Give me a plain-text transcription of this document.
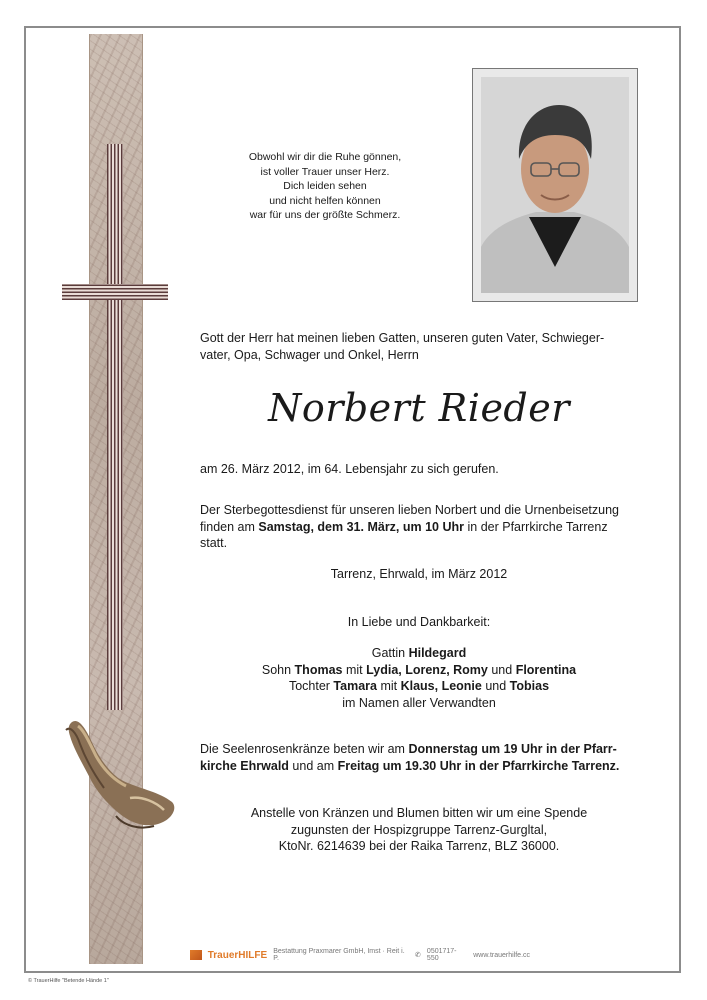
Obwohl wir dir die Ruhe gönnen,
ist voller Trauer unser Herz.
Dich leiden sehen
und nicht helfen können
war für uns der größte Schmerz.
Gott der Herr hat meinen lieben Gatten, unseren guten Vater, Schwieger-
vater, Opa, Schwager und Onkel, Herrn
Norbert Rieder
am 26. März 2012, im 64. Lebensjahr zu sich gerufen.
Der Sterbegottesdienst für unseren lieben Norbert und die Urnenbeisetzung
finden am Samstag, dem 31. März, um 10 Uhr in der Pfarrkirche Tarrenz
statt.
Tarrenz, Ehrwald, im März 2012
In Liebe und Dankbarkeit:
Gattin Hildegard
Sohn Thomas mit Lydia, Lorenz, Romy und Florentina
Tochter Tamara mit Klaus, Leonie und Tobias
im Namen aller Verwandten
Die Seelenrosenkränze beten wir am Donnerstag um 19 Uhr in der Pfarr-
kirche Ehrwald und am Freitag um 19.30 Uhr in der Pfarrkirche Tarrenz.
Anstelle von Kränzen und Blumen bitten wir um eine Spende
zugunsten der Hospizgruppe Tarrenz-Gurgltal,
KtoNr. 6214639 bei der Raika Tarrenz, BLZ 36000.
TrauerHILFE Bestattung Praxmarer GmbH, Imst · Reit i. P.	✆
0501717-550	www.trauerhilfe.cc
© TrauerHilfe "Betende Hände 1"
